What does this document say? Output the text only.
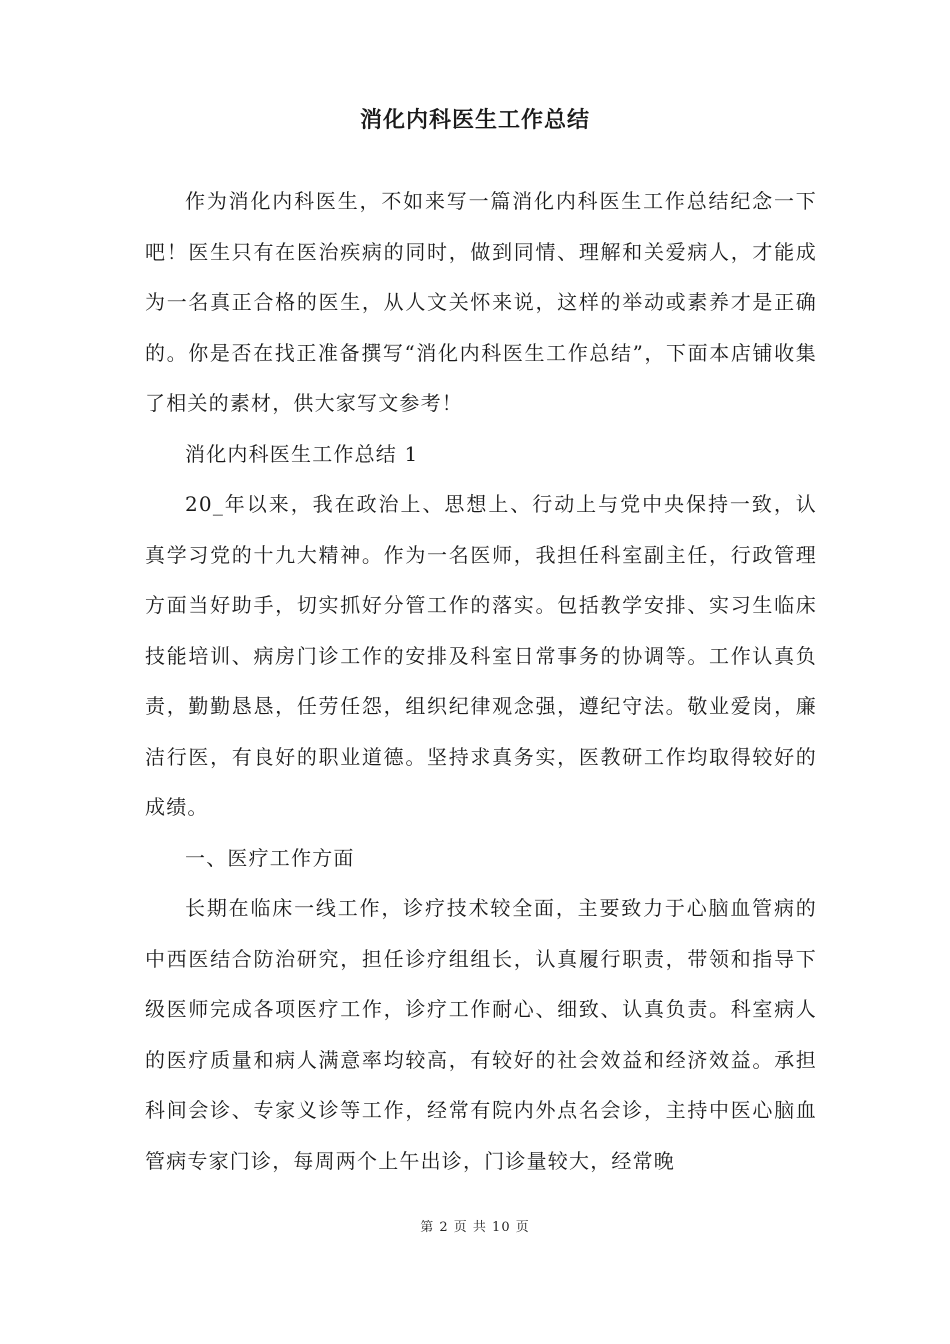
消化内科医生工作总结

作为消化内科医生，不如来写一篇消化内科医生工作总结纪念一下吧！医生只有在医治疾病的同时，做到同情、理解和关爱病人，才能成为一名真正合格的医生，从人文关怀来说，这样的举动或素养才是正确的。你是否在找正准备撰写“消化内科医生工作总结”，下面本店铺收集了相关的素材，供大家写文参考！

消化内科医生工作总结 1

20_年以来，我在政治上、思想上、行动上与党中央保持一致，认真学习党的十九大精神。作为一名医师，我担任科室副主任，行政管理方面当好助手，切实抓好分管工作的落实。包括教学安排、实习生临床技能培训、病房门诊工作的安排及科室日常事务的协调等。工作认真负责，勤勤恳恳，任劳任怨，组织纪律观念强，遵纪守法。敬业爱岗，廉洁行医，有良好的职业道德。坚持求真务实，医教研工作均取得较好的成绩。

一、医疗工作方面

长期在临床一线工作，诊疗技术较全面，主要致力于心脑血管病的中西医结合防治研究，担任诊疗组组长，认真履行职责，带领和指导下级医师完成各项医疗工作，诊疗工作耐心、细致、认真负责。科室病人的医疗质量和病人满意率均较高，有较好的社会效益和经济效益。承担科间会诊、专家义诊等工作，经常有院内外点名会诊，主持中医心脑血管病专家门诊，每周两个上午出诊，门诊量较大，经常晚

第 2 页 共 10 页
